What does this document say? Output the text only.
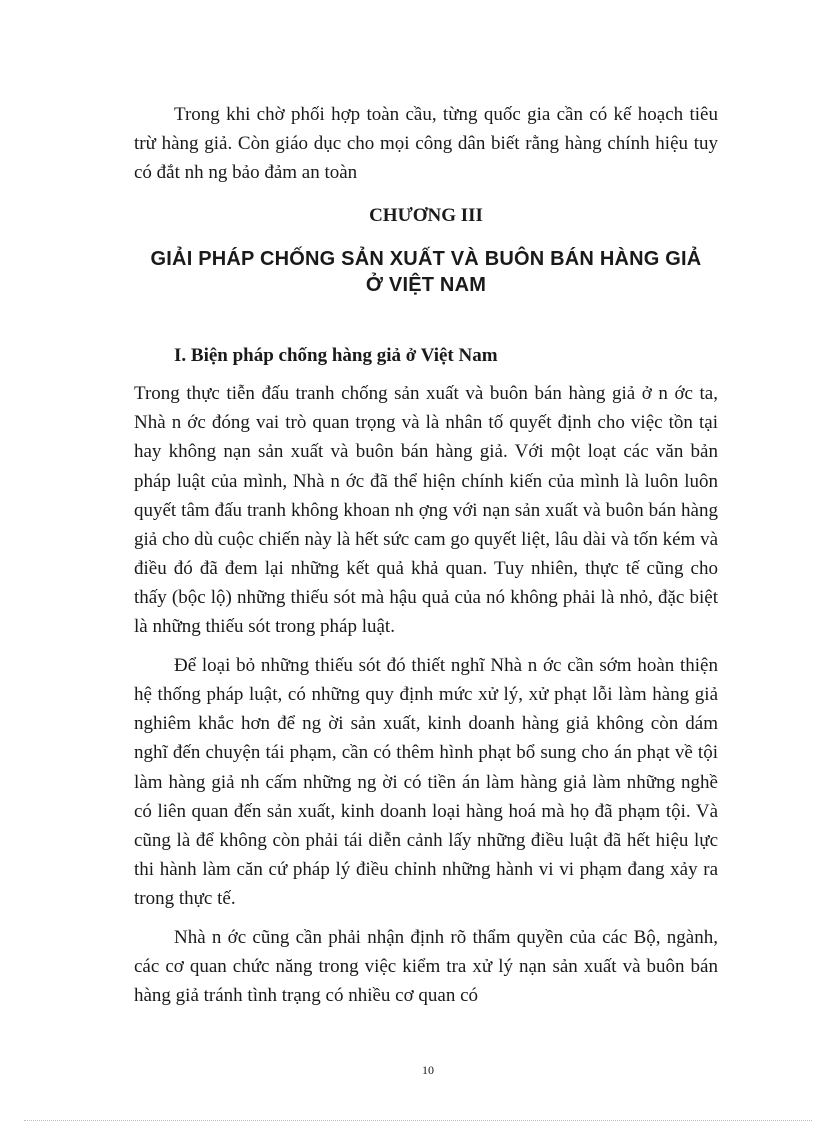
Trong khi chờ phối hợp toàn cầu, từng quốc gia cần có kế hoạch tiêu trừ hàng giả. Còn giáo dục cho mọi công dân biết rằng hàng chính hiệu tuy có đắt nh ng bảo đảm an toàn

CHƯƠNG III
GIẢI PHÁP CHỐNG SẢN XUẤT VÀ BUÔN BÁN HÀNG GIẢ
Ở VIỆT NAM
I. Biện pháp chống hàng giả ở Việt Nam

Trong thực tiễn đấu tranh chống sản xuất và buôn bán hàng giả ở n ớc ta, Nhà n ớc đóng vai trò quan trọng và là nhân tố quyết định cho việc tồn tại hay không nạn sản xuất và buôn bán hàng giả. Với một loạt các văn bản pháp luật của mình, Nhà n ớc đã thể hiện chính kiến của mình là luôn luôn quyết tâm đấu tranh không khoan nh ợng với nạn sản xuất và buôn bán hàng giả cho dù cuộc chiến này là hết sức cam go quyết liệt, lâu dài và tốn kém và điều đó đã đem lại những kết quả khả quan. Tuy nhiên, thực tế cũng cho thấy (bộc lộ) những thiếu sót mà hậu quả của nó không phải là nhỏ, đặc biệt là những thiếu sót trong pháp luật.

Để loại bỏ những thiếu sót đó thiết nghĩ Nhà n ớc cần sớm hoàn thiện hệ thống pháp luật, có những quy định mức xử lý, xử phạt lỗi làm hàng giả nghiêm khắc hơn để ng ời sản xuất, kinh doanh hàng giả không còn dám nghĩ đến chuyện tái phạm, cần có thêm hình phạt bổ sung cho án phạt về tội làm hàng giả nh cấm những ng ời có tiền án làm hàng giả làm những nghề có liên quan đến sản xuất, kinh doanh loại hàng hoá mà họ đã phạm tội. Và cũng là để không còn phải tái diễn cảnh lấy những điều luật đã hết hiệu lực thi hành làm căn cứ pháp lý điều chỉnh những hành vi vi phạm đang xảy ra trong thực tế.

Nhà n ớc cũng cần phải nhận định rõ thẩm quyền của các Bộ, ngành, các cơ quan chức năng trong việc kiểm tra xử lý nạn sản xuất và buôn bán hàng giả tránh tình trạng có nhiều cơ quan có

10
